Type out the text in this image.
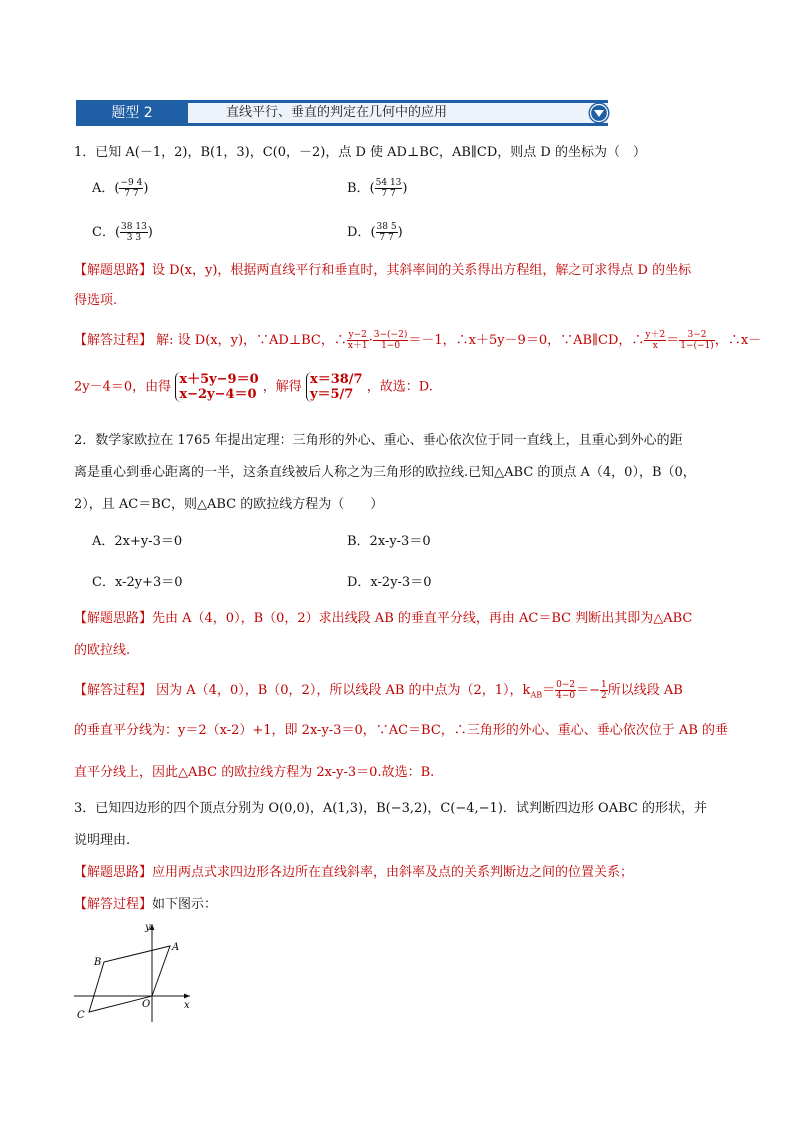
题型 2	直线平行、垂直的判定在几何中的应用
1．已知 A(－1，2)，B(1，3)，C(0，－2)，点 D 使 AD⊥BC，AB∥CD，则点 D 的坐标为（　）
A．( $\frac{-9 4}{7 7}$ )	B．( $\frac{54 13}{7 7}$ )
C．( $\frac{38 13}{3 3}$ )	D．( $\frac{38 5}{7 7}$ )
【解题思路】设 D(x，y)，根据两直线平行和垂直时，其斜率间的关系得出方程组，解之可求得点 D 的坐标
得选项.
【解答过程】 解: 设 D(x，y)，∵AD⊥BC，∴ $\frac{y-2}{x+1} \cdot \frac{3-(-2)}{1-0} =-1$，∴x＋5y－9＝0，∵AB∥CD，∴ $\frac{y+2}{x} = \frac{3-2}{1-(-1)}$ ，∴x－
2y－4＝0，由得 x＋5y−9＝0
x−2y−4＝0 ，解得 x＝38/7
y＝5/7	，故选：D.
2．数学家欧拉在 1765 年提出定理：三角形的外心、重心、垂心依次位于同一直线上，且重心到外心的距
离是重心到垂心距离的一半，这条直线被后人称之为三角形的欧拉线.已知△ABC 的顶点 A（4，0），B（0，
2），且 AC＝BC，则△ABC 的欧拉线方程为（　　）
A．2x+y-3＝0	B．2x-y-3＝0
C．x-2y+3＝0	D．x-2y-3＝0
【解题思路】先由 A（4，0），B（0，2）求出线段 AB 的垂直平分线，再由 AC＝BC 判断出其即为△ABC
的欧拉线.
【解答过程】 因为 A（4，0），B（0，2），所以线段 AB 的中点为（2，1），$k_{AB}= \frac{0-2}{4-0} =- \frac{1}{2}$ 所以线段 AB
的垂直平分线为：y＝2（x-2）+1，即 2x-y-3＝0，∵AC＝BC，∴三角形的外心、重心、垂心依次位于 AB 的垂
直平分线上，因此△ABC 的欧拉线方程为 2x-y-3＝0.故选：B.
3．已知四边形的四个顶点分别为 O(0,0)，A(1,3)，B(−3,2)，C(−4,−1)．试判断四边形 OABC 的形状，并
说明理由.
【解题思路】应用两点式求四边形各边所在直线斜率，由斜率及点的关系判断边之间的位置关系；
【解答过程】如下图示：
y
x
O
A
B
C
